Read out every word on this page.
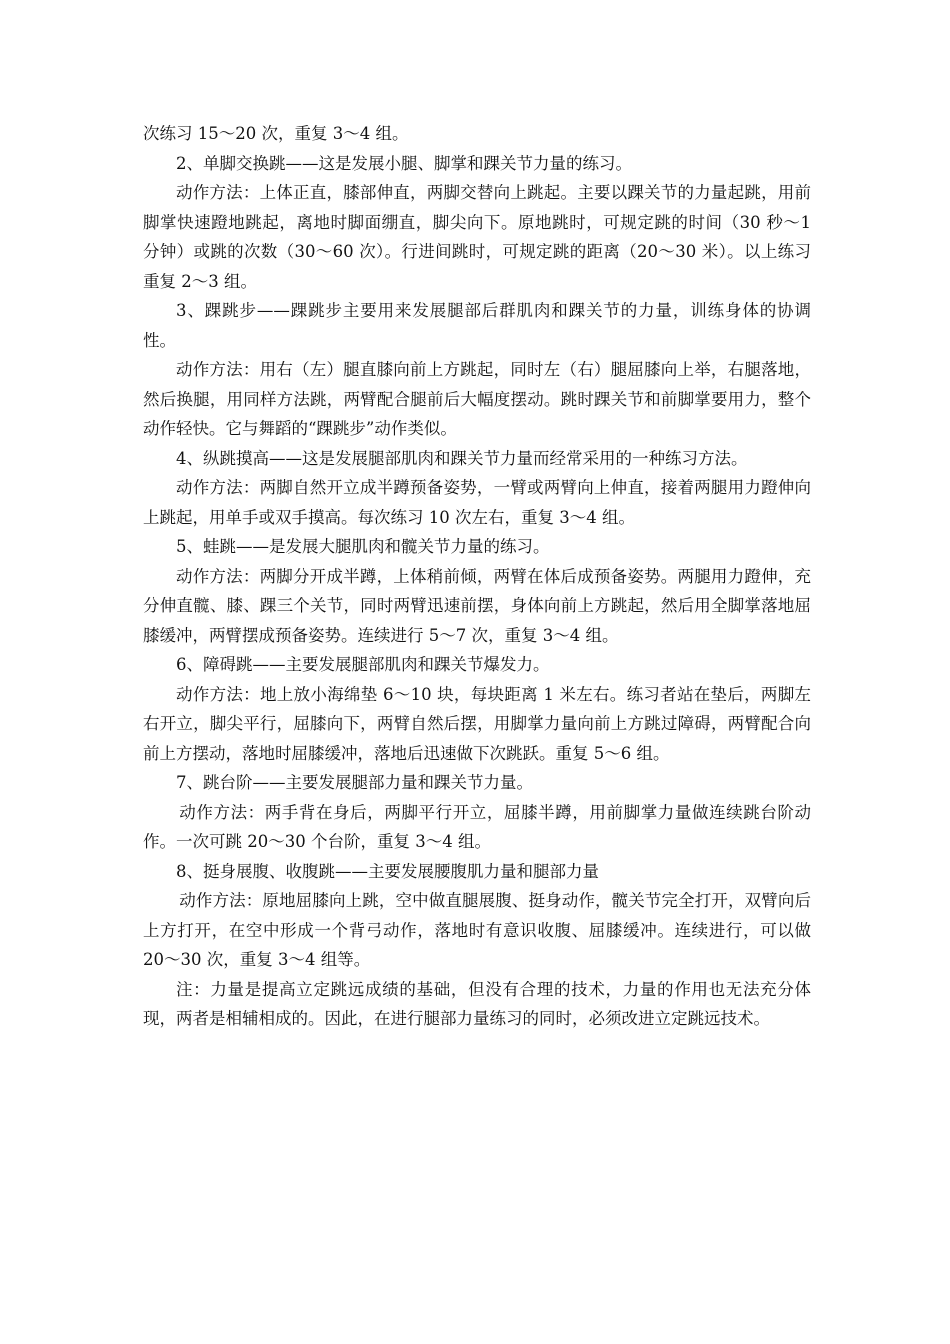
次练习 15～20 次，重复 3～4 组。

2、单脚交换跳——这是发展小腿、脚掌和踝关节力量的练习。

动作方法：上体正直，膝部伸直，两脚交替向上跳起。主要以踝关节的力量起跳，用前脚掌快速蹬地跳起，离地时脚面绷直，脚尖向下。原地跳时，可规定跳的时间（30 秒～1 分钟）或跳的次数（30～60 次）。行进间跳时，可规定跳的距离（20～30 米）。以上练习重复 2～3 组。

3、踝跳步——踝跳步主要用来发展腿部后群肌肉和踝关节的力量，训练身体的协调性。

动作方法：用右（左）腿直膝向前上方跳起，同时左（右）腿屈膝向上举，右腿落地，然后换腿，用同样方法跳，两臂配合腿前后大幅度摆动。跳时踝关节和前脚掌要用力，整个动作轻快。它与舞蹈的“踝跳步”动作类似。

4、纵跳摸高——这是发展腿部肌肉和踝关节力量而经常采用的一种练习方法。

动作方法：两脚自然开立成半蹲预备姿势，一臂或两臂向上伸直，接着两腿用力蹬伸向上跳起，用单手或双手摸高。每次练习 10 次左右，重复 3～4 组。

5、蛙跳——是发展大腿肌肉和髋关节力量的练习。

动作方法：两脚分开成半蹲，上体稍前倾，两臂在体后成预备姿势。两腿用力蹬伸，充分伸直髋、膝、踝三个关节，同时两臂迅速前摆，身体向前上方跳起，然后用全脚掌落地屈膝缓冲，两臂摆成预备姿势。连续进行 5～7 次，重复 3～4 组。

6、障碍跳——主要发展腿部肌肉和踝关节爆发力。

动作方法：地上放小海绵垫 6～10 块，每块距离 1 米左右。练习者站在垫后，两脚左右开立，脚尖平行，屈膝向下，两臂自然后摆，用脚掌力量向前上方跳过障碍，两臂配合向前上方摆动，落地时屈膝缓冲，落地后迅速做下次跳跃。重复 5～6 组。

7、跳台阶——主要发展腿部力量和踝关节力量。

动作方法：两手背在身后，两脚平行开立，屈膝半蹲，用前脚掌力量做连续跳台阶动作。一次可跳 20～30 个台阶，重复 3～4 组。

8、挺身展腹、收腹跳——主要发展腰腹肌力量和腿部力量

动作方法：原地屈膝向上跳，空中做直腿展腹、挺身动作，髋关节完全打开，双臂向后上方打开，在空中形成一个背弓动作，落地时有意识收腹、屈膝缓冲。连续进行，可以做 20～30 次，重复 3～4 组等。

注：力量是提高立定跳远成绩的基础，但没有合理的技术，力量的作用也无法充分体现，两者是相辅相成的。因此，在进行腿部力量练习的同时，必须改进立定跳远技术。
